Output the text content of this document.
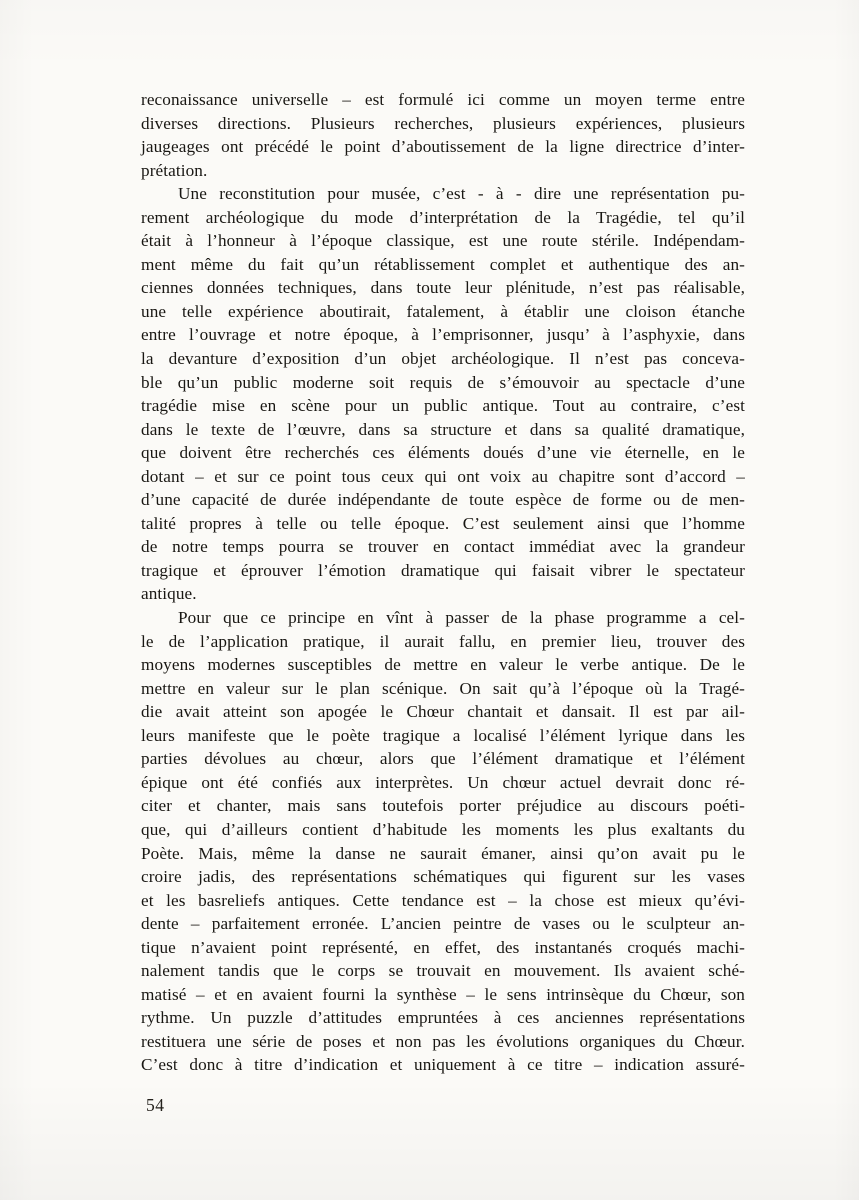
reconaissance universelle – est formulé ici comme un moyen terme entre
diverses directions. Plusieurs recherches, plusieurs expériences, plusieurs
jaugeages ont précédé le point d’aboutissement de la ligne directrice d’inter-
prétation.
Une reconstitution pour musée, c’est - à - dire une représentation pu-
rement archéologique du mode d’interprétation de la Tragédie, tel qu’il
était à l’honneur à l’époque classique, est une route stérile. Indépendam-
ment même du fait qu’un rétablissement complet et authentique des an-
ciennes données techniques, dans toute leur plénitude, n’est pas réalisable,
une telle expérience aboutirait, fatalement, à établir une cloison étanche
entre l’ouvrage et notre époque, à l’emprisonner, jusqu’ à l’asphyxie, dans
la devanture d’exposition d’un objet archéologique. Il n’est pas conceva-
ble qu’un public moderne soit requis de s’émouvoir au spectacle d’une
tragédie mise en scène pour un public antique. Tout au contraire, c’est
dans le texte de l’œuvre, dans sa structure et dans sa qualité dramatique,
que doivent être recherchés ces éléments doués d’une vie éternelle, en le
dotant – et sur ce point tous ceux qui ont voix au chapitre sont d’accord –
d’une capacité de durée indépendante de toute espèce de forme ou de men-
talité propres à telle ou telle époque. C’est seulement ainsi que l’homme
de notre temps pourra se trouver en contact immédiat avec la grandeur
tragique et éprouver l’émotion dramatique qui faisait vibrer le spectateur
antique.
Pour que ce principe en vînt à passer de la phase programme a cel-
le de l’application pratique, il aurait fallu, en premier lieu, trouver des
moyens modernes susceptibles de mettre en valeur le verbe antique. De le
mettre en valeur sur le plan scénique. On sait qu’à l’époque où la Tragé-
die avait atteint son apogée le Chœur chantait et dansait. Il est par ail-
leurs manifeste que le poète tragique a localisé l’élément lyrique dans les
parties dévolues au chœur, alors que l’élément dramatique et l’élément
épique ont été confiés aux interprètes. Un chœur actuel devrait donc ré-
citer et chanter, mais sans toutefois porter préjudice au discours poéti-
que, qui d’ailleurs contient d’habitude les moments les plus exaltants du
Poète. Mais, même la danse ne saurait émaner, ainsi qu’on avait pu le
croire jadis, des représentations schématiques qui figurent sur les vases
et les basreliefs antiques. Cette tendance est – la chose est mieux qu’évi-
dente – parfaitement erronée. L’ancien peintre de vases ou le sculpteur an-
tique n’avaient point représenté, en effet, des instantanés croqués machi-
nalement tandis que le corps se trouvait en mouvement. Ils avaient sché-
matisé – et en avaient fourni la synthèse – le sens intrinsèque du Chœur, son
rythme. Un puzzle d’attitudes empruntées à ces anciennes représentations
restituera une série de poses et non pas les évolutions organiques du Chœur.
C’est donc à titre d’indication et uniquement à ce titre – indication assuré-
54
